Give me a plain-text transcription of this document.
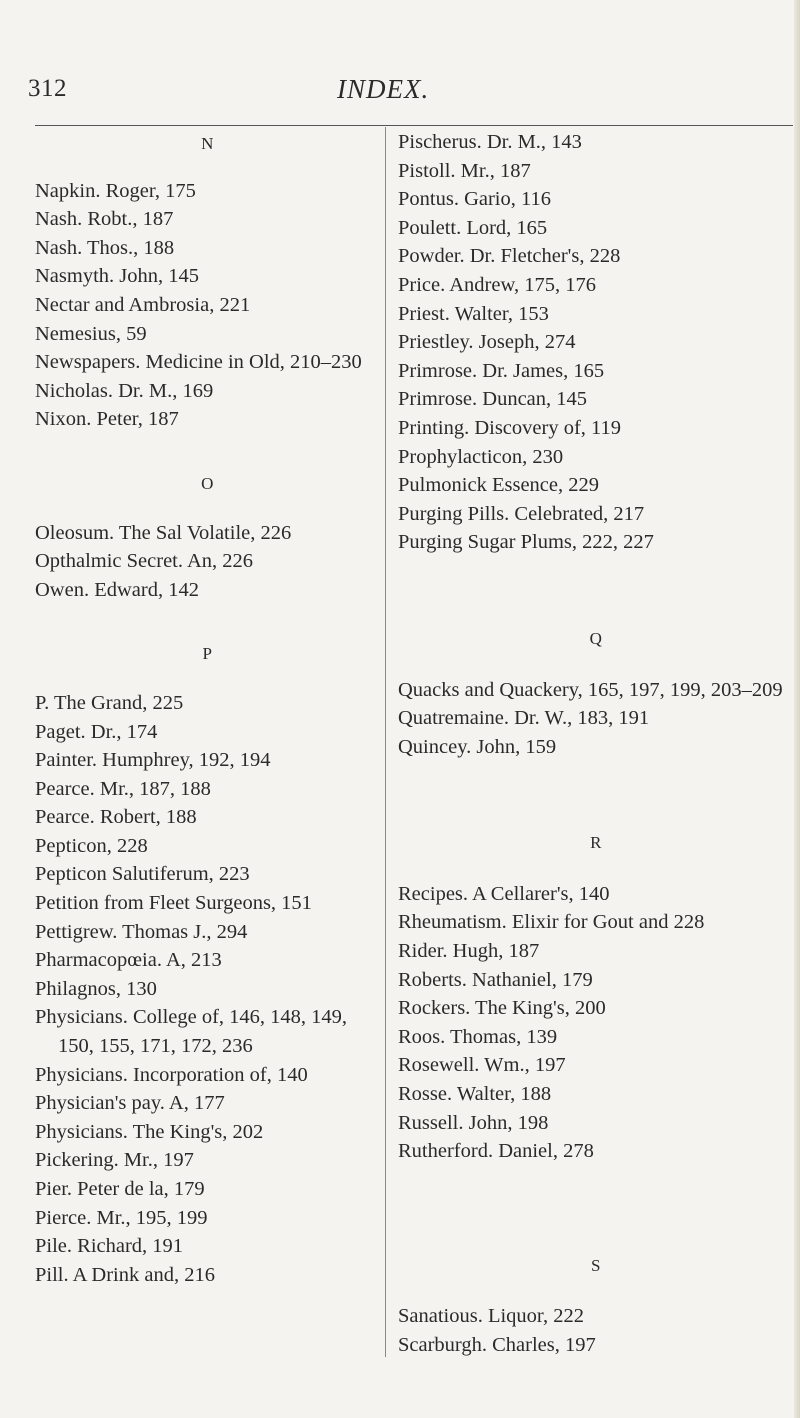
312	INDEX.
N
Napkin. Roger, 175
Nash. Robt., 187
Nash. Thos., 188
Nasmyth. John, 145
Nectar and Ambrosia, 221
Nemesius, 59
Newspapers. Medicine in Old, 210–230
Nicholas. Dr. M., 169
Nixon. Peter, 187
O
Oleosum. The Sal Volatile, 226
Opthalmic Secret. An, 226
Owen. Edward, 142
P
P. The Grand, 225
Paget. Dr., 174
Painter. Humphrey, 192, 194
Pearce. Mr., 187, 188
Pearce. Robert, 188
Pepticon, 228
Pepticon Salutiferum, 223
Petition from Fleet Surgeons, 151
Pettigrew. Thomas J., 294
Pharmacopœia. A, 213
Philagnos, 130
Physicians. College of, 146, 148, 149, 150, 155, 171, 172, 236
Physicians. Incorporation of, 140
Physician's pay. A, 177
Physicians. The King's, 202
Pickering. Mr., 197
Pier. Peter de la, 179
Pierce. Mr., 195, 199
Pile. Richard, 191
Pill. A Drink and, 216
Pischerus. Dr. M., 143
Pistoll. Mr., 187
Pontus. Gario, 116
Poulett. Lord, 165
Powder. Dr. Fletcher's, 228
Price. Andrew, 175, 176
Priest. Walter, 153
Priestley. Joseph, 274
Primrose. Dr. James, 165
Primrose. Duncan, 145
Printing. Discovery of, 119
Prophylacticon, 230
Pulmonick Essence, 229
Purging Pills. Celebrated, 217
Purging Sugar Plums, 222, 227
Q
Quacks and Quackery, 165, 197, 199, 203–209
Quatremaine. Dr. W., 183, 191
Quincey. John, 159
R
Recipes. A Cellarer's, 140
Rheumatism. Elixir for Gout and 228
Rider. Hugh, 187
Roberts. Nathaniel, 179
Rockers. The King's, 200
Roos. Thomas, 139
Rosewell. Wm., 197
Rosse. Walter, 188
Russell. John, 198
Rutherford. Daniel, 278
S
Sanatious. Liquor, 222
Scarburgh. Charles, 197
